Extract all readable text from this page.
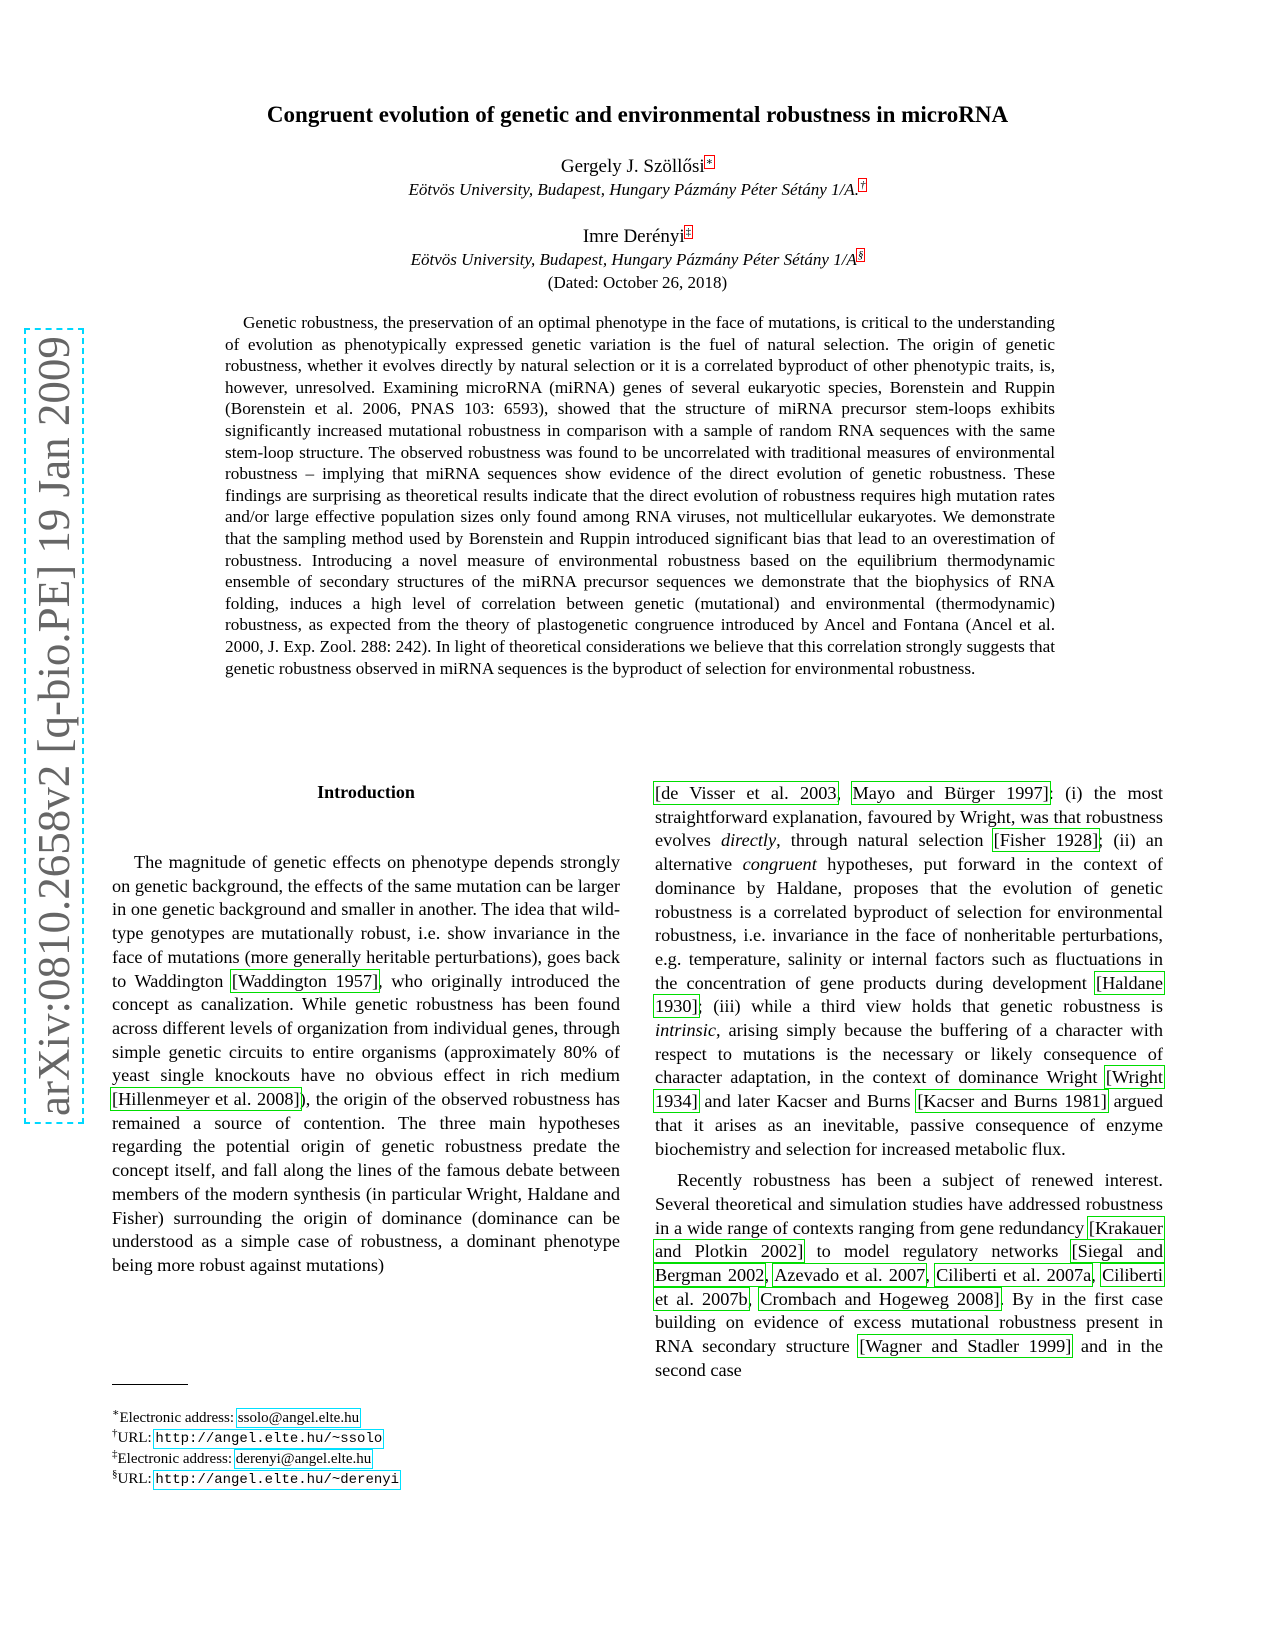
arXiv:0810.2658v2 [q-bio.PE] 19 Jan 2009
Congruent evolution of genetic and environmental robustness in microRNA
Gergely J. Szöllősi∗
Eötvös University, Budapest, Hungary Pázmány Péter Sétány 1/A.†
Imre Derényi‡
Eötvös University, Budapest, Hungary Pázmány Péter Sétány 1/A§
(Dated: October 26, 2018)

Genetic robustness, the preservation of an optimal phenotype in the face of mutations, is critical to the understanding of evolution as phenotypically expressed genetic variation is the fuel of natural selection. The origin of genetic robustness, whether it evolves directly by natural selection or it is a correlated byproduct of other phenotypic traits, is, however, unresolved. Examining microRNA (miRNA) genes of several eukaryotic species, Borenstein and Ruppin (Borenstein et al. 2006, PNAS 103: 6593), showed that the structure of miRNA precursor stem-loops exhibits significantly increased mutational robustness in comparison with a sample of random RNA sequences with the same stem-loop structure. The observed robustness was found to be uncorrelated with traditional measures of environmental robustness – implying that miRNA sequences show evidence of the direct evolution of genetic robustness. These findings are surprising as theoretical results indicate that the direct evolution of robustness requires high mutation rates and/or large effective population sizes only found among RNA viruses, not multicellular eukaryotes. We demonstrate that the sampling method used by Borenstein and Ruppin introduced significant bias that lead to an overestimation of robustness. Introducing a novel measure of environmental robustness based on the equilibrium thermodynamic ensemble of secondary structures of the miRNA precursor sequences we demonstrate that the biophysics of RNA folding, induces a high level of correlation between genetic (mutational) and environmental (thermodynamic) robustness, as expected from the theory of plastogenetic congruence introduced by Ancel and Fontana (Ancel et al. 2000, J. Exp. Zool. 288: 242). In light of theoretical considerations we believe that this correlation strongly suggests that genetic robustness observed in miRNA sequences is the byproduct of selection for environmental robustness.

Introduction

The magnitude of genetic effects on phenotype depends strongly on genetic background, the effects of the same mutation can be larger in one genetic background and smaller in another. The idea that wild-type genotypes are mutationally robust, i.e. show invariance in the face of mutations (more generally heritable perturbations), goes back to Waddington [Waddington 1957], who originally introduced the concept as canalization. While genetic robustness has been found across different levels of organization from individual genes, through simple genetic circuits to entire organisms (approximately 80% of yeast single knockouts have no obvious effect in rich medium [Hillenmeyer et al. 2008]), the origin of the observed robustness has remained a source of contention. The three main hypotheses regarding the potential origin of genetic robustness predate the concept itself, and fall along the lines of the famous debate between members of the modern synthesis (in particular Wright, Haldane and Fisher) surrounding the origin of dominance (dominance can be understood as a simple case of robustness, a dominant phenotype being more robust against mutations)

[de Visser et al. 2003, Mayo and Bürger 1997]: (i) the most straightforward explanation, favoured by Wright, was that robustness evolves directly, through natural selection [Fisher 1928]; (ii) an alternative congruent hypotheses, put forward in the context of dominance by Haldane, proposes that the evolution of genetic robustness is a correlated byproduct of selection for environmental robustness, i.e. invariance in the face of nonheritable perturbations, e.g. temperature, salinity or internal factors such as fluctuations in the concentration of gene products during development [Haldane 1930]; (iii) while a third view holds that genetic robustness is intrinsic, arising simply because the buffering of a character with respect to mutations is the necessary or likely consequence of character adaptation, in the context of dominance Wright [Wright 1934] and later Kacser and Burns [Kacser and Burns 1981] argued that it arises as an inevitable, passive consequence of enzyme biochemistry and selection for increased metabolic flux.

Recently robustness has been a subject of renewed interest. Several theoretical and simulation studies have addressed robustness in a wide range of contexts ranging from gene redundancy [Krakauer and Plotkin 2002] to model regulatory networks [Siegal and Bergman 2002, Azevado et al. 2007, Ciliberti et al. 2007a, Ciliberti et al. 2007b, Crombach and Hogeweg 2008]. By in the first case building on evidence of excess mutational robustness present in RNA secondary structure [Wagner and Stadler 1999] and in the second case

∗Electronic address: ssolo@angel.elte.hu
†URL: http://angel.elte.hu/~ssolo
‡Electronic address: derenyi@angel.elte.hu
§URL: http://angel.elte.hu/~derenyi
